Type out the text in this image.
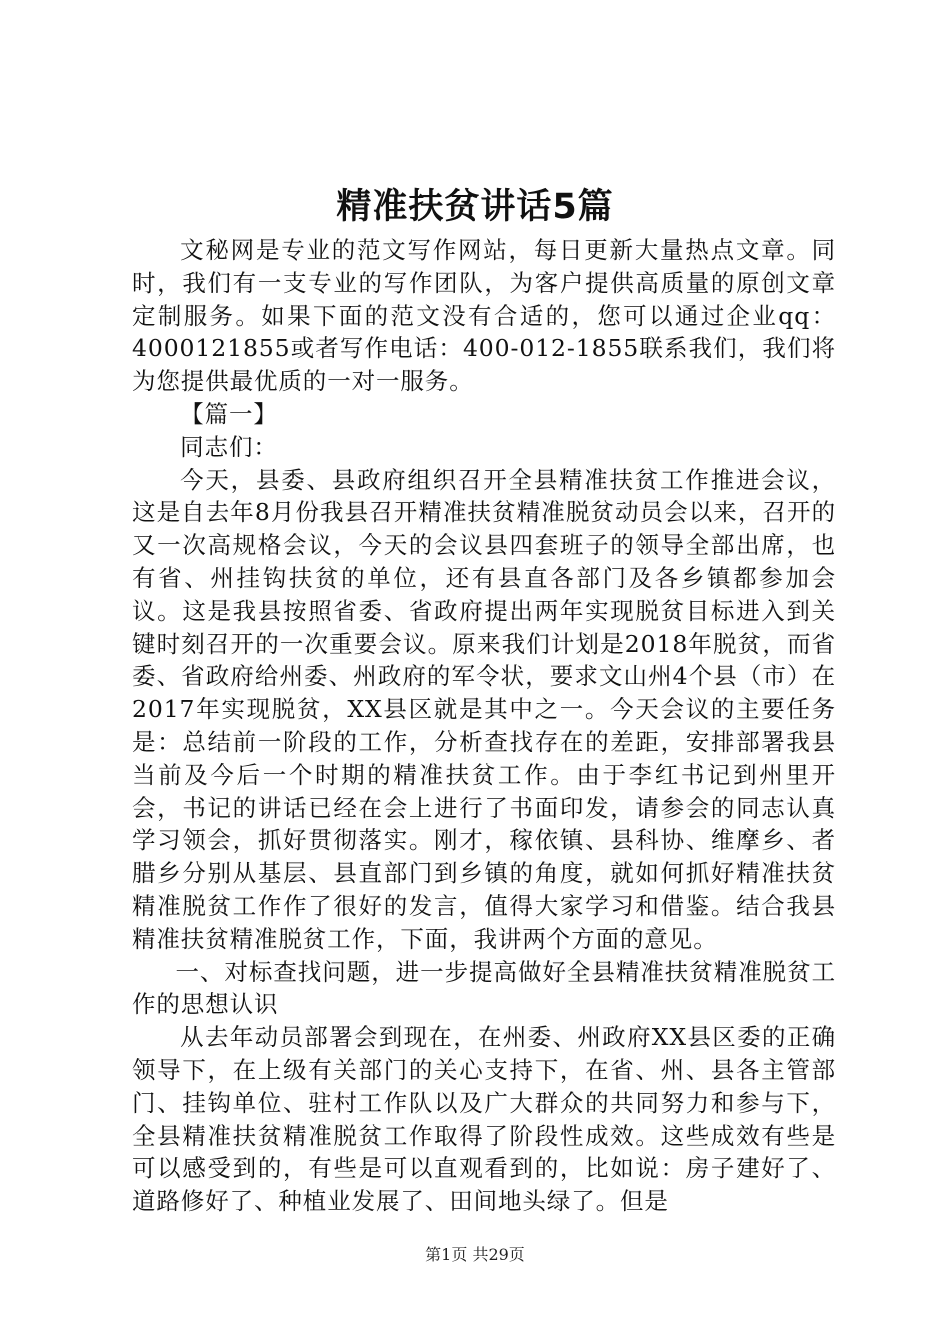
精准扶贫讲话5篇

文秘网是专业的范文写作网站，每日更新大量热点文章。同时，我们有一支专业的写作团队，为客户提供高质量的原创文章定制服务。如果下面的范文没有合适的，您可以通过企业qq：4000121855或者写作电话：400-012-1855联系我们，我们将为您提供最优质的一对一服务。

【篇一】

同志们：

今天，县委、县政府组织召开全县精准扶贫工作推进会议，这是自去年8月份我县召开精准扶贫精准脱贫动员会以来，召开的又一次高规格会议，今天的会议县四套班子的领导全部出席，也有省、州挂钩扶贫的单位，还有县直各部门及各乡镇都参加会议。这是我县按照省委、省政府提出两年实现脱贫目标进入到关键时刻召开的一次重要会议。原来我们计划是2018年脱贫，而省委、省政府给州委、州政府的军令状，要求文山州4个县（市）在2017年实现脱贫，XX县区就是其中之一。今天会议的主要任务是：总结前一阶段的工作，分析查找存在的差距，安排部署我县当前及今后一个时期的精准扶贫工作。由于李红书记到州里开会，书记的讲话已经在会上进行了书面印发，请参会的同志认真学习领会，抓好贯彻落实。刚才，稼依镇、县科协、维摩乡、者腊乡分别从基层、县直部门到乡镇的角度，就如何抓好精准扶贫精准脱贫工作作了很好的发言，值得大家学习和借鉴。结合我县精准扶贫精准脱贫工作，下面，我讲两个方面的意见。

一、对标查找问题，进一步提高做好全县精准扶贫精准脱贫工作的思想认识

从去年动员部署会到现在，在州委、州政府XX县区委的正确领导下，在上级有关部门的关心支持下，在省、州、县各主管部门、挂钩单位、驻村工作队以及广大群众的共同努力和参与下，全县精准扶贫精准脱贫工作取得了阶段性成效。这些成效有些是可以感受到的，有些是可以直观看到的，比如说：房子建好了、道路修好了、种植业发展了、田间地头绿了。但是

第1页 共29页
